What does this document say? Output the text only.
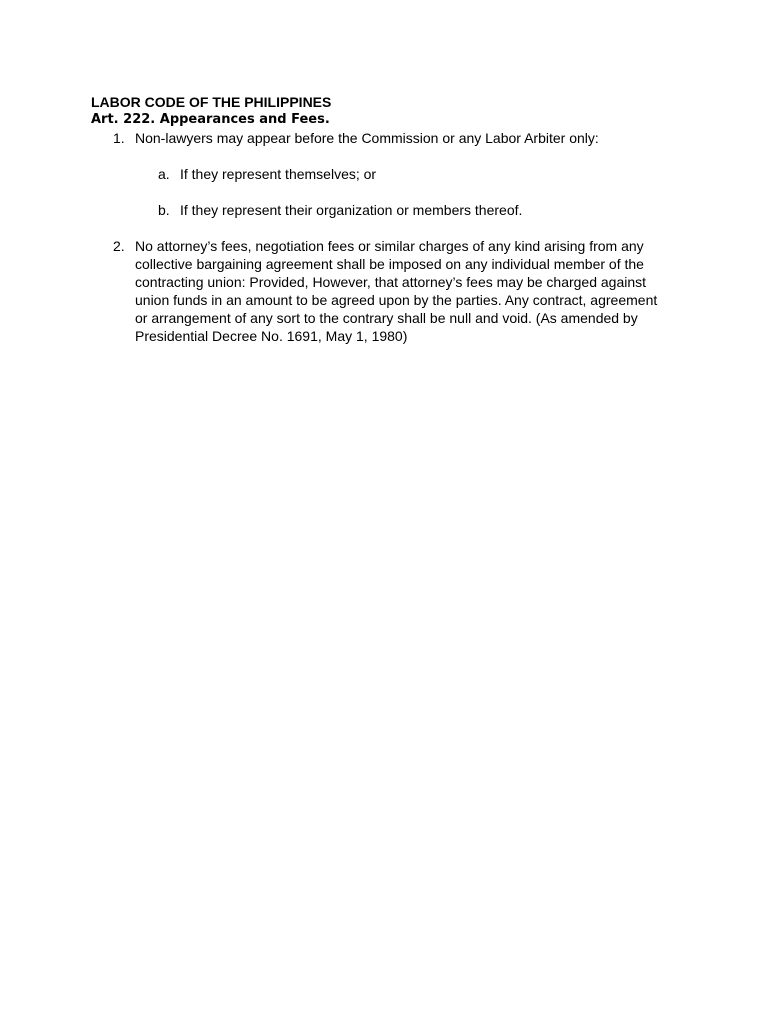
LABOR CODE OF THE PHILIPPINES
Art. 222. Appearances and Fees.
1. Non-lawyers may appear before the Commission or any Labor Arbiter only:
a. If they represent themselves; or
b. If they represent their organization or members thereof.
2. No attorney’s fees, negotiation fees or similar charges of any kind arising from any collective bargaining agreement shall be imposed on any individual member of the contracting union: Provided, However, that attorney’s fees may be charged against union funds in an amount to be agreed upon by the parties. Any contract, agreement or arrangement of any sort to the contrary shall be null and void. (As amended by Presidential Decree No. 1691, May 1, 1980)
